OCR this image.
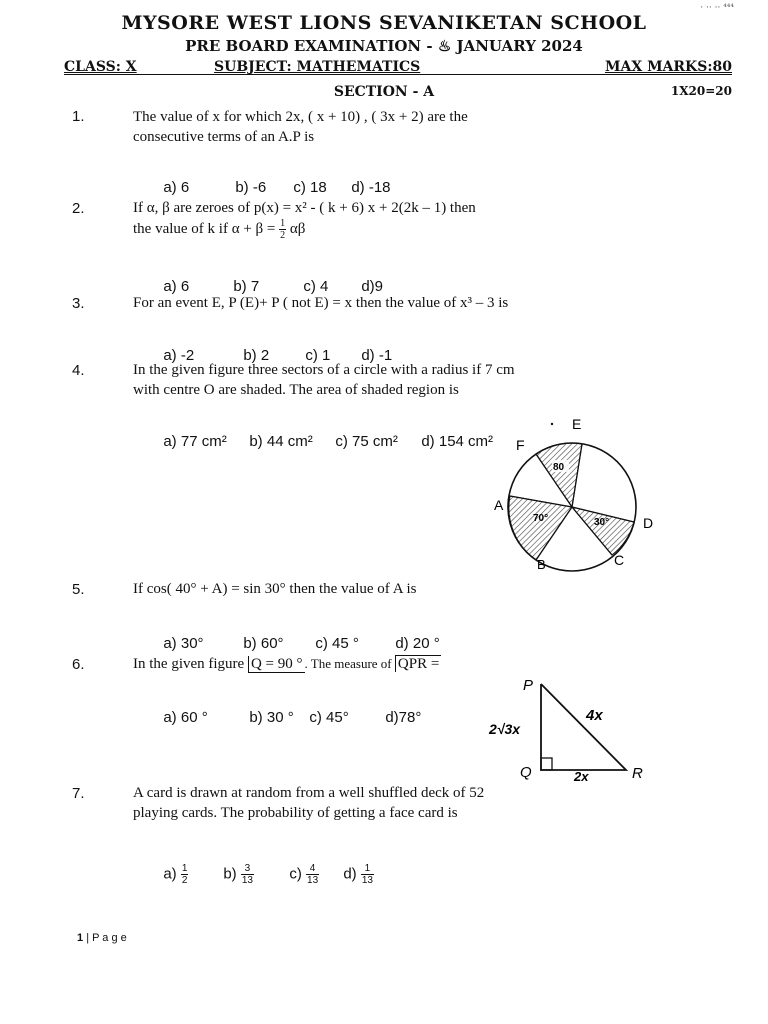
· ·· ·· ⁴⁴⁴
MYSORE WEST LIONS SEVANIKETAN SCHOOL
PRE BOARD EXAMINATION - ♨ JANUARY 2024
CLASS: X	SUBJECT: MATHEMATICS	MAX MARKS:80
SECTION - A	1X20=20
1.	The value of x for which 2x, ( x + 10) , ( 3x + 2) are the
consecutive terms of an A.P is

a) 6	b) -6 c) 18 d) -18

2.	If α, β are zeroes of p(x) = x² - ( k + 6) x + 2(2k – 1) then
the value of k if $\alpha + \beta = \frac{1}{2}$ αβ

a) 6	b) 7	c) 4 d)9

3.	For an event E, P (E)+ P ( not E) = x then the value of x³ – 3 is

a) -2	b) 2 c) 1 d) -1

4.	In the given figure three sectors of a circle with a radius if 7 cm
with centre O are shaded. The area of shaded region is

a) 77 cm² b) 44 cm² c) 75 cm² d) 154 cm²

E
F
A
B	C
D
80
70°	30°
5.	If cos( 40° + A) = sin 30° then the value of A is

a) 30°	b) 60° c) 45 ° d) 20 °

6.	In the given figure Q = 90 ° . The measure of QPR =

a) 60 °	b) 30 ° c) 45° d)78°

P
Q	R
2√3x
4x
2x
7.	A card is drawn at random from a well shuffled deck of 52
playing cards. The probability of getting a face card is

$a) \frac{1}{2} b) \frac{3}{13} c) \frac{4}{13} d) \frac{1}{13}$

1 | P a g e
